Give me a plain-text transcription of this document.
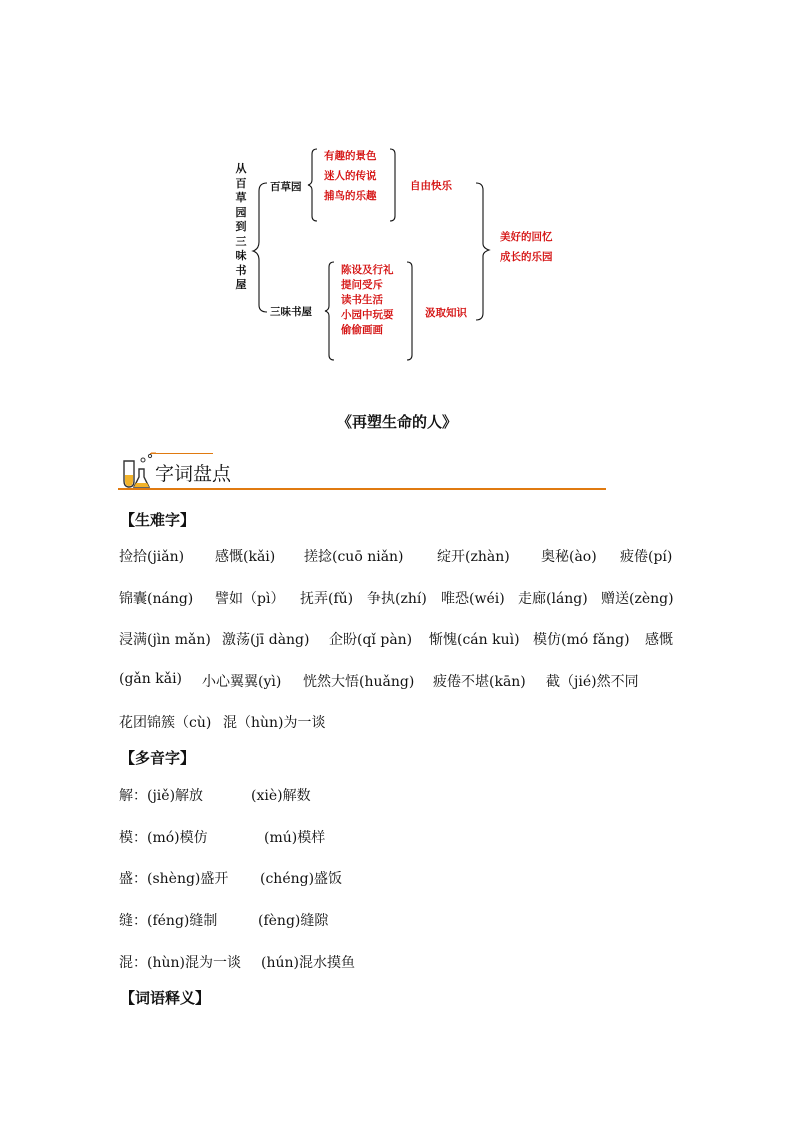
从百草园到三味书屋
百草园
有趣的景色
迷人的传说
捕鸟的乐趣
自由快乐
三味书屋
陈设及行礼
提问受斥
读书生活
小园中玩耍
偷偷画画
汲取知识
美好的回忆
成长的乐园
《再塑生命的人》
字词盘点
【生难字】
捡拾(jiǎn) 感慨(kǎi) 搓捻(cuō niǎn) 绽开(zhàn) 奥秘(ào) 疲倦(pí)
锦囊(náng) 譬如（pì） 抚弄(fǔ) 争执(zhí) 唯恐(wéi) 走廊(láng) 赠送(zèng)
浸满(jìn mǎn) 激荡(jī dàng) 企盼(qǐ pàn) 惭愧(cán kuì) 模仿(mó fǎng) 感慨
(gǎn kǎi) 小心翼翼(yì) 恍然大悟(huǎng) 疲倦不堪(kān) 截（jié)然不同
花团锦簇（cù) 混（hùn)为一谈
【多音字】
解：(jiě)解放	(xiè)解数
模：(mó)模仿	(mú)模样
盛：(shèng)盛开 (chéng)盛饭
缝：(féng)缝制	(fèng)缝隙
混：(hùn)混为一谈 (hún)混水摸鱼
【词语释义】
